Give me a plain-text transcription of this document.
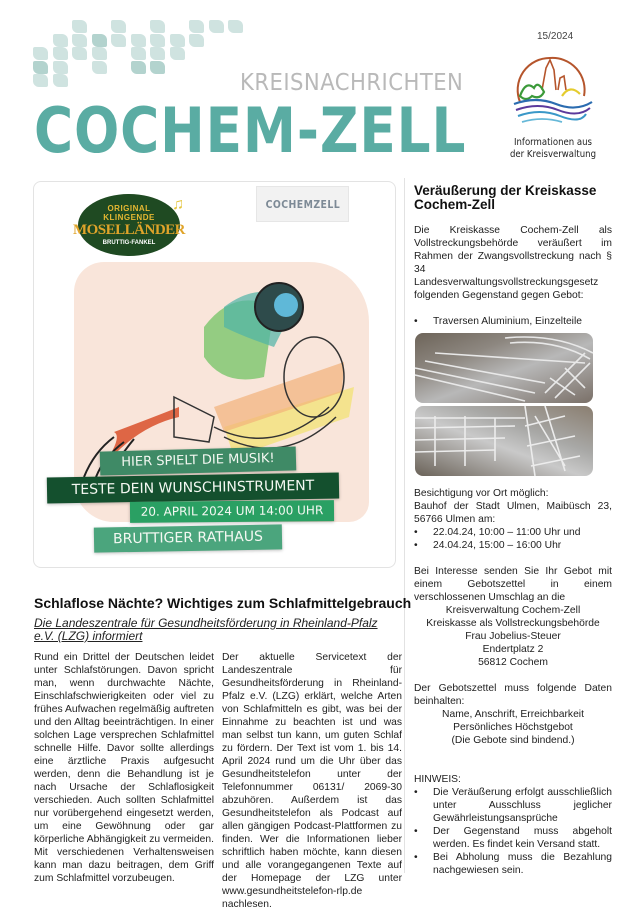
KREISNACHRICHTEN
COCHEM-ZELL
15/2024
Informationen aus
der Kreisverwaltung
COCHEMZELL
ORIGINAL
KLINGENDE
MOSELLÄNDER
BRUTTIG-FANKEL
♫
HIER SPIELT DIE MUSIK!
TESTE DEIN WUNSCHINSTRUMENT
20. APRIL 2024 UM 14:00 UHR
BRUTTIGER RATHAUS
Veräußerung der Kreiskasse Cochem-Zell

Die Kreiskasse Cochem-Zell als Vollstreckungsbehörde veräußert im Rahmen der Zwangsvollstreckung nach § 34 Landesverwaltungsvollstreckungsgesetz folgenden Gegenstand gegen Gebot:

•	Traversen Aluminium, Einzelteile

Besichtigung vor Ort möglich:

Bauhof der Stadt Ulmen, Maibüsch 23, 56766 Ulmen am:

•	22.04.24, 10:00 – 11:00 Uhr und
•	24.04.24, 15:00 – 16:00 Uhr

Bei Interesse senden Sie Ihr Gebot mit einem Gebotszettel in einem verschlossenen Umschlag an die

Kreisverwaltung Cochem-Zell

Kreiskasse als Vollstreckungsbehörde

Frau Jobelius-Steuer

Endertplatz 2

56812 Cochem

Der Gebotszettel muss folgende Daten beinhalten:

Name, Anschrift, Erreichbarkeit

Persönliches Höchstgebot

(Die Gebote sind bindend.)

HINWEIS:

•	Die Veräußerung erfolgt ausschließlich unter Ausschluss jeglicher Gewährleistungsansprüche
•	Der Gegenstand muss abgeholt werden. Es findet kein Versand statt.
•	Bei Abholung muss die Bezahlung nachgewiesen sein.
Schlaflose Nächte? Wichtiges zum Schlafmittelgebrauch
Die Landeszentrale für Gesundheitsförderung in Rheinland-Pfalz e.V. (LZG) informiert
Rund ein Drittel der Deutschen leidet unter Schlafstörungen. Davon spricht man, wenn durchwachte Nächte, Einschlafschwierigkeiten oder viel zu frühes Aufwachen regelmäßig auftreten und den Alltag beeinträchtigen. In einer solchen Lage versprechen Schlafmittel schnelle Hilfe. Davor sollte allerdings eine ärztliche Praxis aufgesucht werden, denn die Behandlung ist je nach Ursache der Schlaflosigkeit verschieden. Auch sollten Schlafmittel nur vorübergehend eingesetzt werden, um eine Gewöhnung oder gar körperliche Abhängigkeit zu vermeiden. Mit verschiedenen Verhaltensweisen kann man dazu beitragen, dem Griff zum Schlafmittel vorzubeugen.
Der aktuelle Servicetext der Landeszentrale für Gesundheitsförderung in Rheinland-Pfalz e.V. (LZG) erklärt, welche Arten von Schlafmitteln es gibt, was bei der Einnahme zu beachten ist und was man selbst tun kann, um guten Schlaf zu fördern. Der Text ist vom 1. bis 14. April 2024 rund um die Uhr über das Gesundheitstelefon unter der Telefonnummer 06131/ 2069-30 abzuhören. Außerdem ist das Gesundheitstelefon als Podcast auf allen gängigen Podcast-Plattformen zu finden. Wer die Informationen lieber schriftlich haben möchte, kann diesen und alle vorangegangenen Texte auf der Homepage der LZG unter www.gesundheitstelefon-rlp.de nachlesen.
